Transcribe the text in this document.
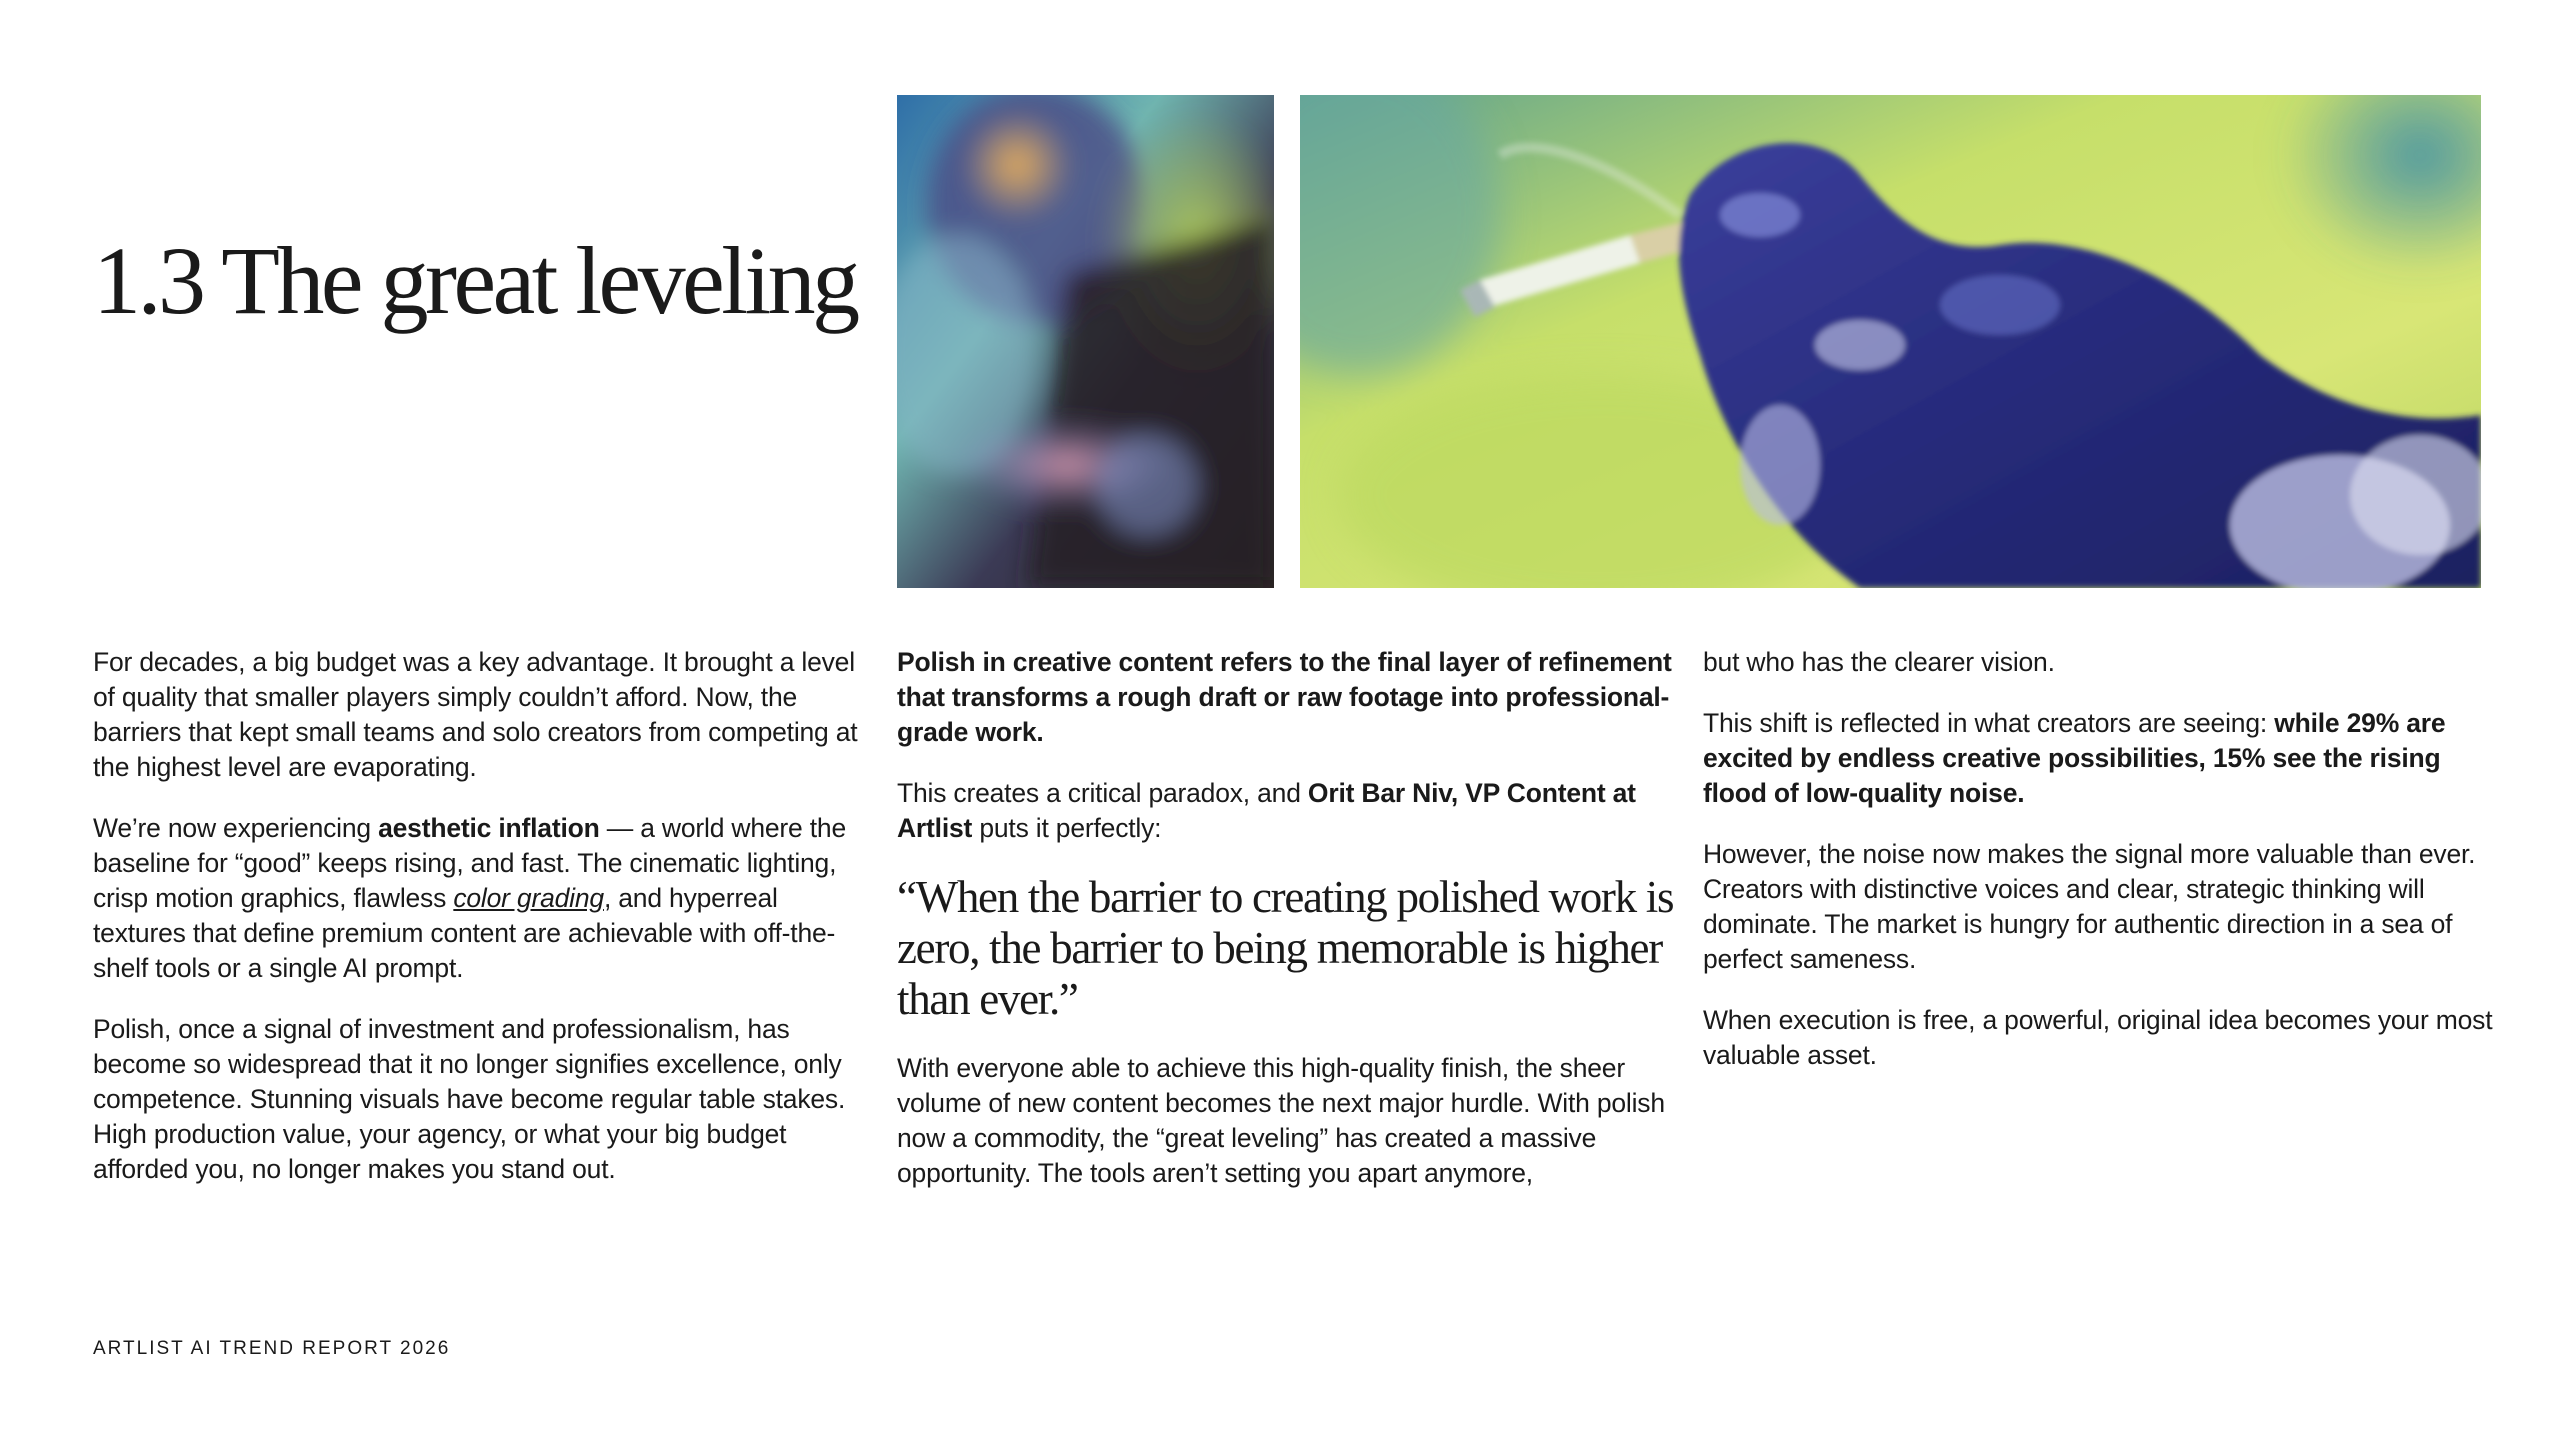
1.3 The great leveling

For decades, a big budget was a key advantage. It brought a level of quality that smaller players simply couldn’t afford. Now, the barriers that kept small teams and solo creators from competing at the highest level are evaporating.

We’re now experiencing aesthetic inflation — a world where the baseline for “good” keeps rising, and fast. The cinematic lighting, crisp motion graphics, flawless color grading, and hyperreal textures that define premium content are achievable with off-the-shelf tools or a single AI prompt.

Polish, once a signal of investment and professionalism, has become so widespread that it no longer signifies excellence, only competence. Stunning visuals have become regular table stakes. High production value, your agency, or what your big budget afforded you, no longer makes you stand out.

Polish in creative content refers to the final layer of refinement that transforms a rough draft or raw footage into professional-grade work.

This creates a critical paradox, and Orit Bar Niv, VP Content at Artlist puts it perfectly:

“When the barrier to creating polished work is zero, the barrier to being memorable is higher than ever.”

With everyone able to achieve this high-quality finish, the sheer volume of new content becomes the next major hurdle. With polish now a commodity, the “great leveling” has created a massive opportunity. The tools aren’t setting you apart anymore,

but who has the clearer vision.

This shift is reflected in what creators are seeing: while 29% are excited by endless creative possibilities, 15% see the rising flood of low-quality noise.

However, the noise now makes the signal more valuable than ever. Creators with distinctive voices and clear, strategic thinking will dominate. The market is hungry for authentic direction in a sea of perfect sameness.

When execution is free, a powerful, original idea becomes your most valuable asset.

ARTLIST AI TREND REPORT 2026
